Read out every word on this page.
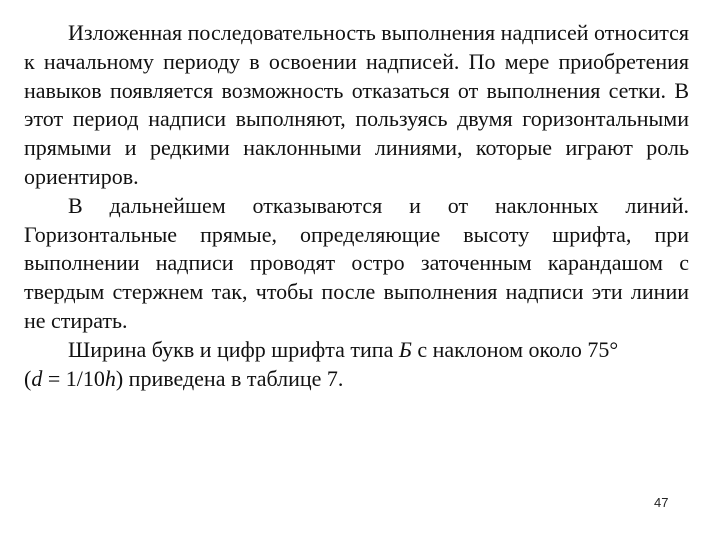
Изложенная последовательность выполнения надписей относится к начальному периоду в освоении надписей. По мере приобретения навыков появляется возможность отказаться от выполнения сетки. В этот период надписи выполняют, пользуясь двумя горизонтальными прямыми и редкими наклонными линиями, которые играют роль ориентиров.

В дальнейшем отказываются и от наклонных линий. Горизонтальные прямые, определяющие высоту шрифта, при выполнении надписи проводят остро заточенным карандашом с твердым стержнем так, чтобы после выполнения надписи эти линии не стирать.

Ширина букв и цифр шрифта типа Б с наклоном около 75°
(d = 1/10h) приведена в таблице 7.

47
